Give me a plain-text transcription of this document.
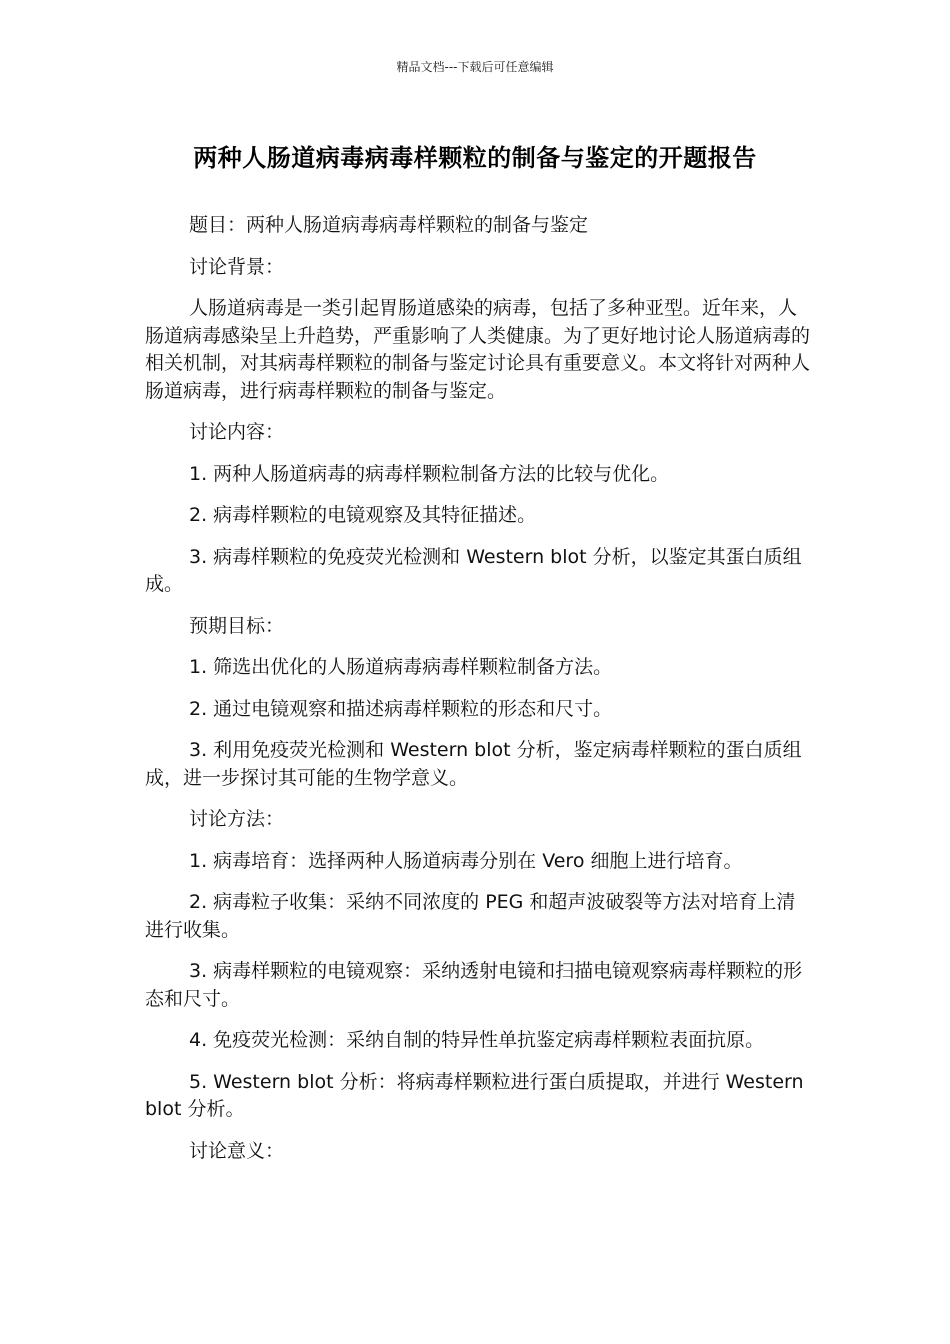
精品文档---下载后可任意编辑
两种人肠道病毒病毒样颗粒的制备与鉴定的开题报告

题目：两种人肠道病毒病毒样颗粒的制备与鉴定

讨论背景：

人肠道病毒是一类引起胃肠道感染的病毒，包括了多种亚型。近年来，人肠道病毒感染呈上升趋势，严重影响了人类健康。为了更好地讨论人肠道病毒的相关机制，对其病毒样颗粒的制备与鉴定讨论具有重要意义。本文将针对两种人肠道病毒，进行病毒样颗粒的制备与鉴定。

讨论内容：

1. 两种人肠道病毒的病毒样颗粒制备方法的比较与优化。

2. 病毒样颗粒的电镜观察及其特征描述。

3. 病毒样颗粒的免疫荧光检测和 Western blot 分析，以鉴定其蛋白质组成。

预期目标：

1. 筛选出优化的人肠道病毒病毒样颗粒制备方法。

2. 通过电镜观察和描述病毒样颗粒的形态和尺寸。

3. 利用免疫荧光检测和 Western blot 分析，鉴定病毒样颗粒的蛋白质组成，进一步探讨其可能的生物学意义。

讨论方法：

1. 病毒培育：选择两种人肠道病毒分别在 Vero 细胞上进行培育。

2. 病毒粒子收集：采纳不同浓度的 PEG 和超声波破裂等方法对培育上清进行收集。

3. 病毒样颗粒的电镜观察：采纳透射电镜和扫描电镜观察病毒样颗粒的形态和尺寸。

4. 免疫荧光检测：采纳自制的特异性单抗鉴定病毒样颗粒表面抗原。

5. Western blot 分析：将病毒样颗粒进行蛋白质提取，并进行 Western blot 分析。

讨论意义：
